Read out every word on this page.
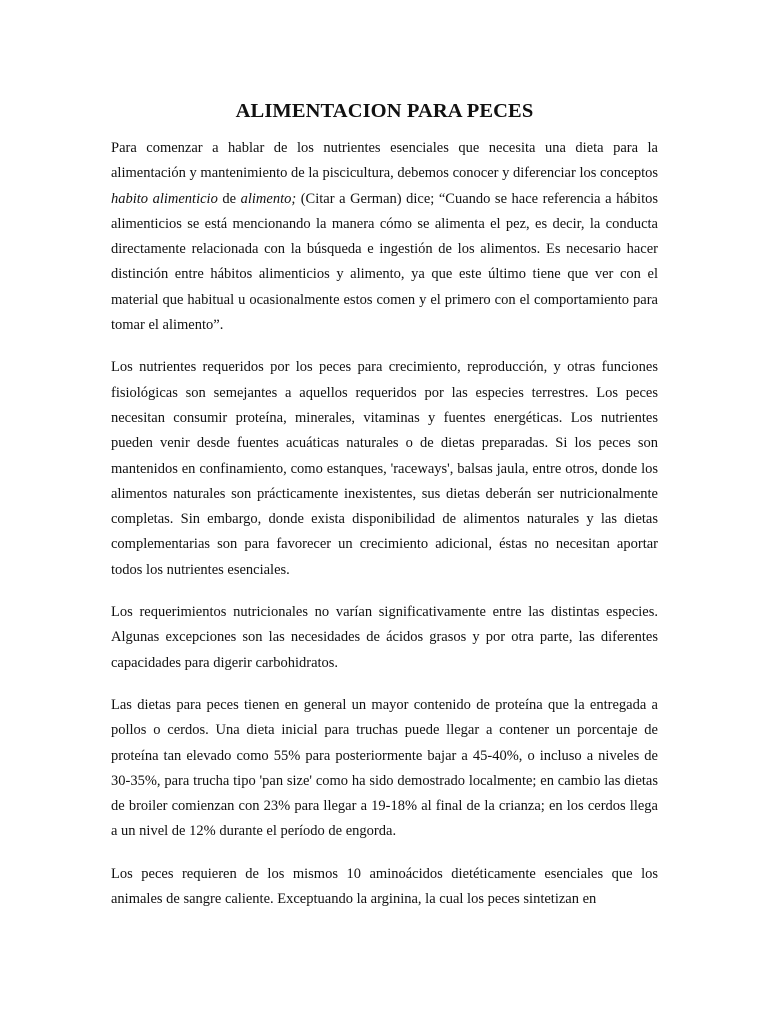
ALIMENTACION PARA PECES

Para comenzar a hablar de los nutrientes esenciales que necesita una dieta para la alimentación y mantenimiento de la piscicultura, debemos conocer y diferenciar los conceptos habito alimenticio de alimento; (Citar a German) dice; “Cuando se hace referencia a hábitos alimenticios se está mencionando la manera cómo se alimenta el pez, es decir, la conducta directamente relacionada con la búsqueda e ingestión de los alimentos. Es necesario hacer distinción entre hábitos alimenticios y alimento, ya que este último tiene que ver con el material que habitual u ocasionalmente estos comen y el primero con el comportamiento para tomar el alimento”.

Los nutrientes requeridos por los peces para crecimiento, reproducción, y otras funciones fisiológicas son semejantes a aquellos requeridos por las especies terrestres. Los peces necesitan consumir proteína, minerales, vitaminas y fuentes energéticas. Los nutrientes pueden venir desde fuentes acuáticas naturales o de dietas preparadas. Si los peces son mantenidos en confinamiento, como estanques, 'raceways', balsas jaula, entre otros, donde los alimentos naturales son prácticamente inexistentes, sus dietas deberán ser nutricionalmente completas. Sin embargo, donde exista disponibilidad de alimentos naturales y las dietas complementarias son para favorecer un crecimiento adicional, éstas no necesitan aportar todos los nutrientes esenciales.

Los requerimientos nutricionales no varían significativamente entre las distintas especies. Algunas excepciones son las necesidades de ácidos grasos y por otra parte, las diferentes capacidades para digerir carbohidratos.

Las dietas para peces tienen en general un mayor contenido de proteína que la entregada a pollos o cerdos. Una dieta inicial para truchas puede llegar a contener un porcentaje de proteína tan elevado como 55% para posteriormente bajar a 45-40%, o incluso a niveles de 30-35%, para trucha tipo 'pan size' como ha sido demostrado localmente; en cambio las dietas de broiler comienzan con 23% para llegar a 19-18% al final de la crianza; en los cerdos llega a un nivel de 12% durante el período de engorda.

Los peces requieren de los mismos 10 aminoácidos dietéticamente esenciales que los animales de sangre caliente. Exceptuando la arginina, la cual los peces sintetizan en
